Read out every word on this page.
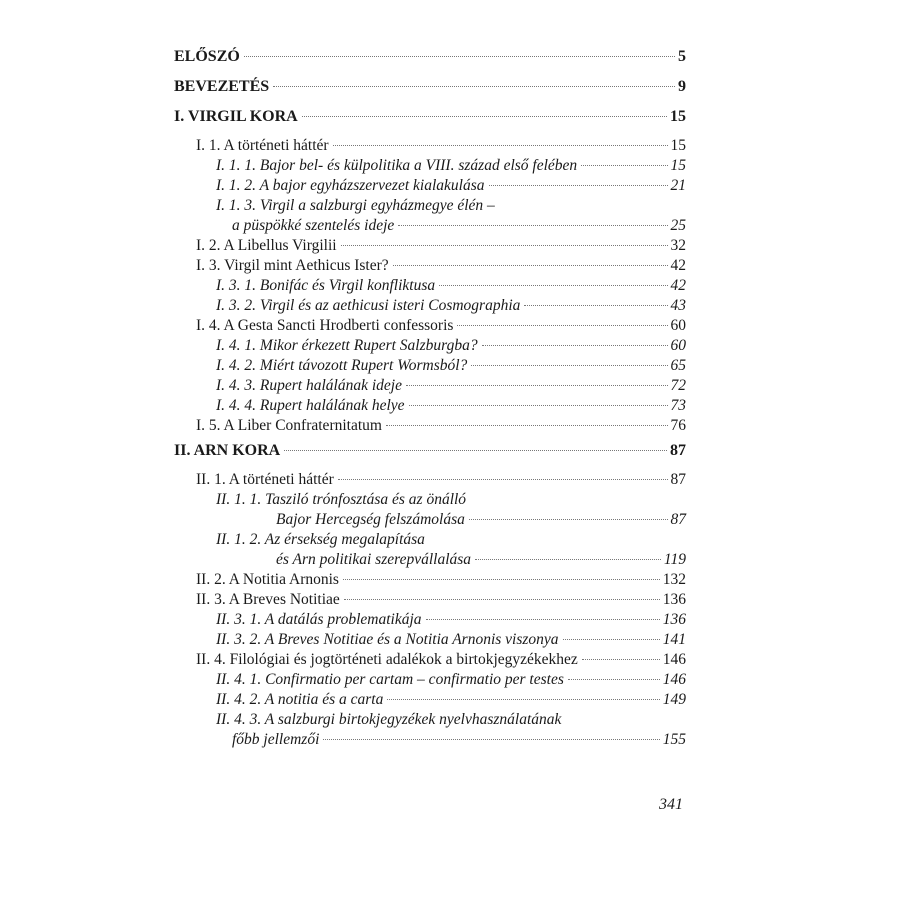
ELŐSZÓ	5
BEVEZETÉS	9
I. VIRGIL KORA	15
I. 1. A történeti háttér	15
I. 1. 1. Bajor bel- és külpolitika a VIII. század első felében	15
I. 1. 2. A bajor egyházszervezet kialakulása	21
I. 1. 3. Virgil a salzburgi egyházmegye élén –
a püspökké szentelés ideje	25
I. 2. A Libellus Virgilii	32
I. 3. Virgil mint Aethicus Ister?	42
I. 3. 1. Bonifác és Virgil konfliktusa	42
I. 3. 2. Virgil és az aethicusi isteri Cosmographia	43
I. 4. A Gesta Sancti Hrodberti confessoris	60
I. 4. 1. Mikor érkezett Rupert Salzburgba?	60
I. 4. 2. Miért távozott Rupert Wormsból?	65
I. 4. 3. Rupert halálának ideje	72
I. 4. 4. Rupert halálának helye	73
I. 5. A Liber Confraternitatum	76
II. ARN KORA	87
II. 1. A történeti háttér	87
II. 1. 1. Tasziló trónfosztása és az önálló
Bajor Hercegség felszámolása	87
II. 1. 2. Az érsekség megalapítása
és Arn politikai szerepvállalása	119
II. 2. A Notitia Arnonis	132
II. 3. A Breves Notitiae	136
II. 3. 1. A datálás problematikája	136
II. 3. 2. A Breves Notitiae és a Notitia Arnonis viszonya	141
II. 4. Filológiai és jogtörténeti adalékok a birtokjegyzékekhez	146
II. 4. 1. Confirmatio per cartam – confirmatio per testes	146
II. 4. 2. A notitia és a carta	149
II. 4. 3. A salzburgi birtokjegyzékek nyelvhasználatának
főbb jellemzői	155
341
